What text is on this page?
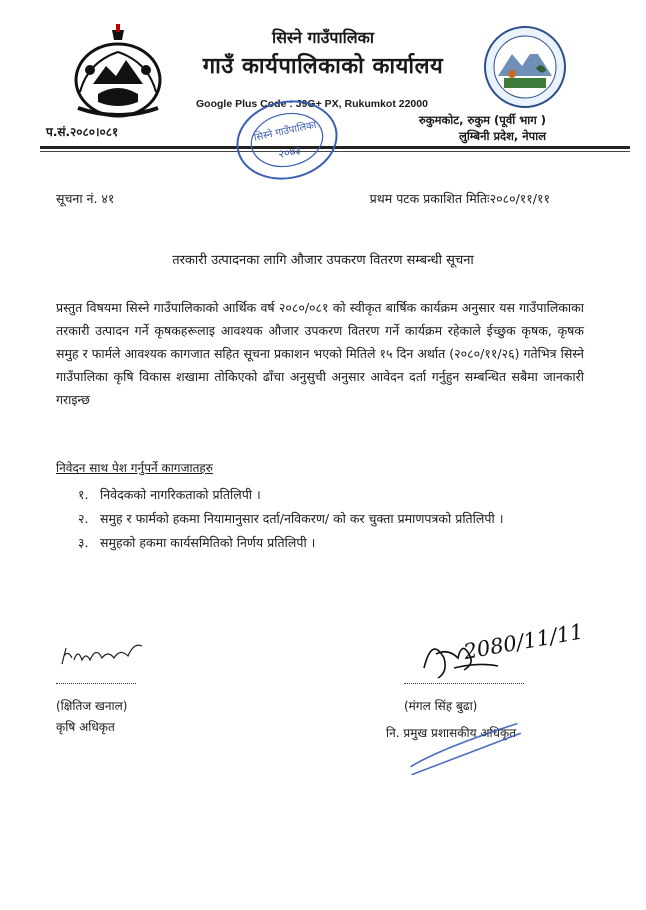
सिस्ने गाउँपालिका
गाउँ कार्यपालिकाको कार्यालय
Google Plus Code : J9G+ PX, Rukumkot 22000
प.सं.२०८०।०८१
रुकुमकोट, रुकुम (पूर्वी भाग )
लुम्बिनी प्रदेश, नेपाल
सिस्ने गाउँपालिका
२०७३
सूचना नं. ४१	प्रथम पटक प्रकाशित मितिः२०८०/११/११
तरकारी उत्पादनका लागि औजार उपकरण वितरण सम्बन्धी सूचना
प्रस्तुत विषयमा सिस्ने गाउँपालिकाको आर्थिक वर्ष २०८०/०८१ को स्वीकृत बार्षिक कार्यक्रम अनुसार यस गाउँपालिकाका तरकारी उत्पादन गर्ने कृषकहरूलाइ आवश्यक औजार उपकरण वितरण गर्ने कार्यक्रम रहेकाले ईच्छुक कृषक, कृषक समुह र फार्मले आवश्यक कागजात सहित सूचना प्रकाशन भएको मितिले १५ दिन अर्थात (२०८०/११/२६) गतेभित्र सिस्ने गाउँपालिका कृषि विकास शखामा तोकिएको ढाँचा अनुसुची अनुसार आवेदन दर्ता गर्नुहुन सम्बन्धित सबैमा जानकारी गराइन्छ
निवेदन साथ पेश गर्नुपर्ने कागजातहरु
१. निवेदकको नागरिकताको प्रतिलिपी ।
२. समुह र फार्मको हकमा नियामानुसार दर्ता/नविकरण/ को कर चुक्ता प्रमाणपत्रको प्रतिलिपी ।
३. समुहको हकमा कार्यसमितिको निर्णय प्रतिलिपी ।
(क्षितिज खनाल)
कृषि अधिकृत
2080/11/11
(मंगल सिंह बुढा)
नि. प्रमुख प्रशासकीय अधिकृत
